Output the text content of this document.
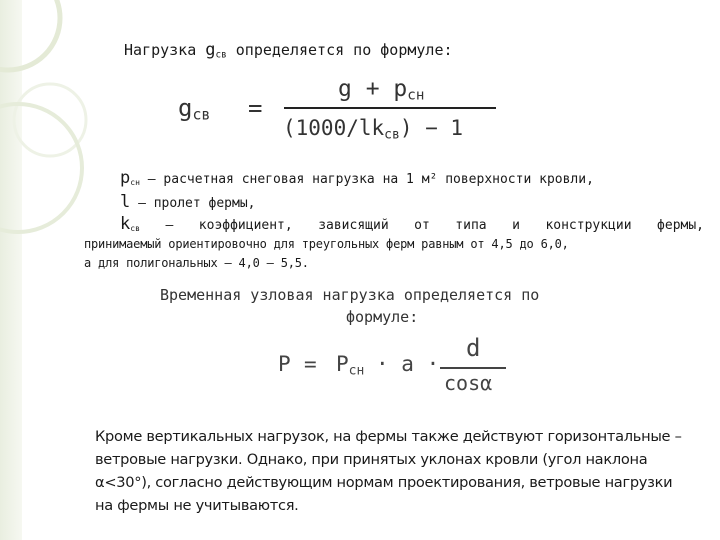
Нагрузка $g_{св}$ определяется по формуле:
$g_{св}$ =
$g + p_{сн}$
$(1000/lk_{св}) - 1$
$p_{сн}$ – расчетная снеговая нагрузка на 1 м² поверхности кровли,
l – пролет фермы,
$k_{св}$ – коэффициент, зависящий от типа и конструкции фермы,
принимаемый ориентировочно для треугольных ферм равным от 4,5 до 6,0,
а для полигональных – 4,0 – 5,5.
Временная узловая нагрузка определяется по
формуле:
$P = P_{сн} \cdot a$ ·
d
cosα
Кроме вертикальных нагрузок, на фермы также действуют горизонтальные –
ветровые нагрузки. Однако, при принятых уклонах кровли (угол наклона
α<30°), согласно действующим нормам проектирования, ветровые нагрузки
на фермы не учитываются.
